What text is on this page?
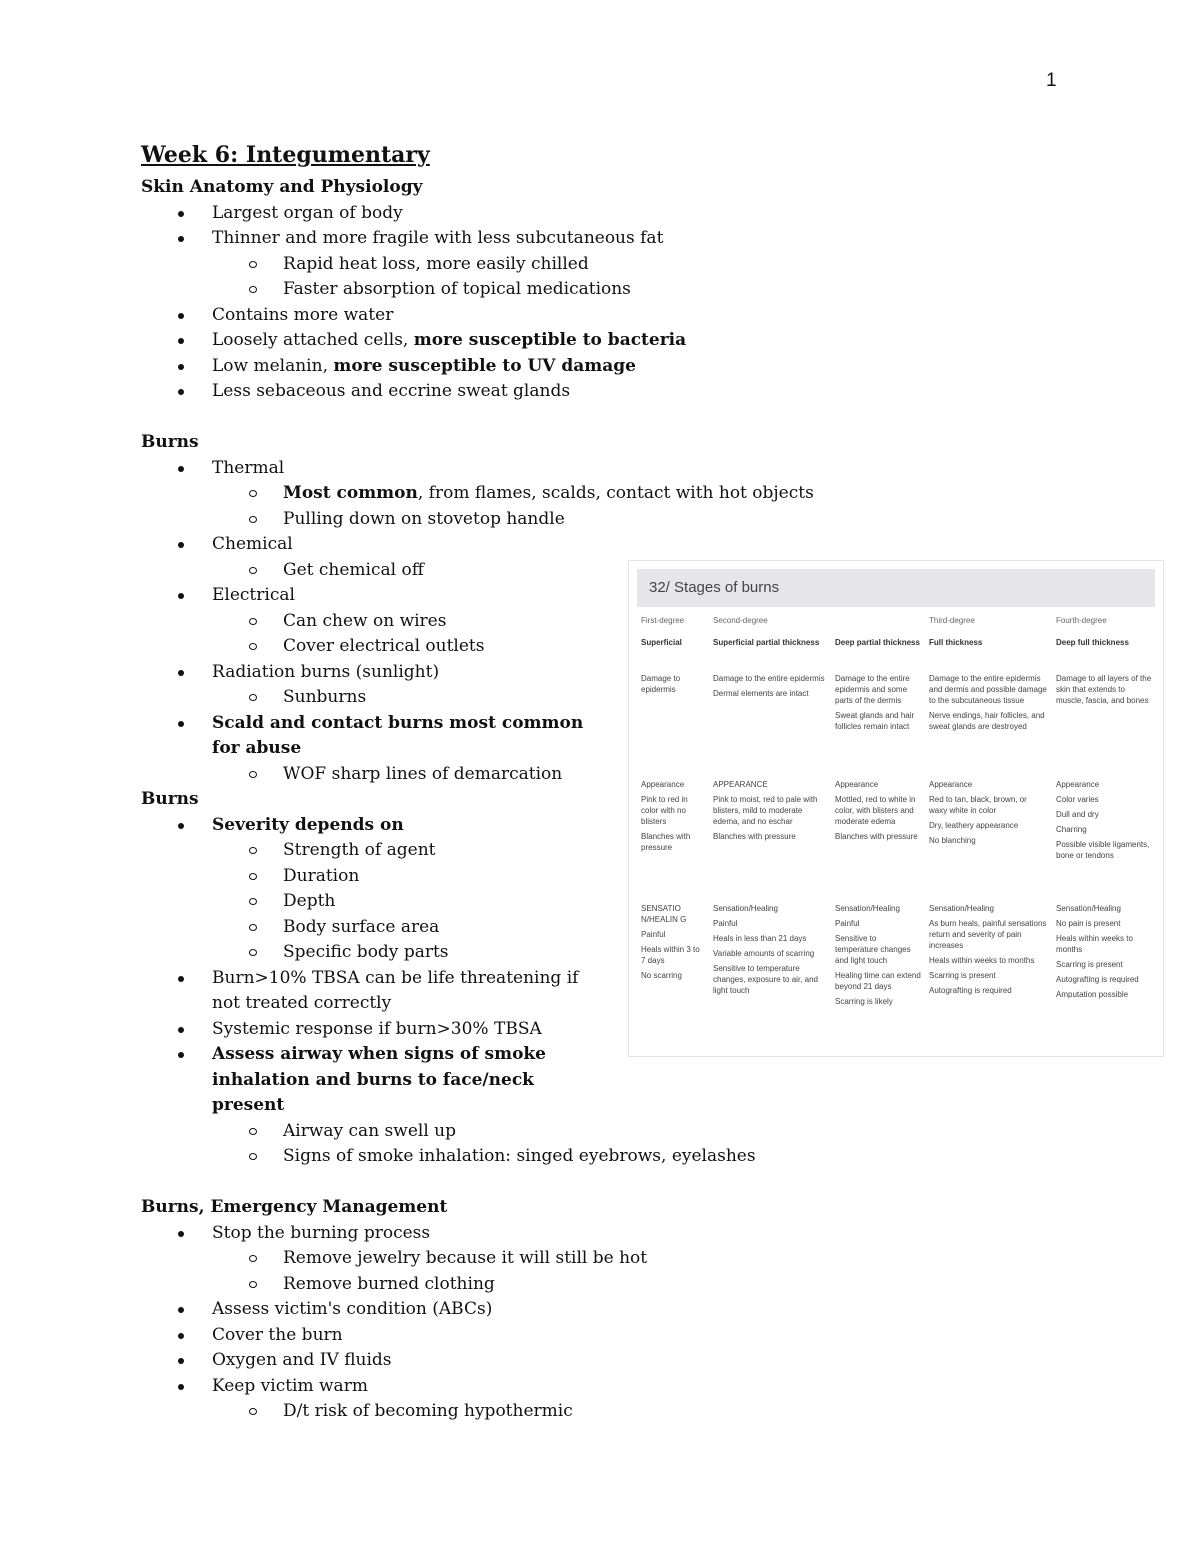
1
Week 6: Integumentary
Skin Anatomy and Physiology
Largest organ of body
Thinner and more fragile with less subcutaneous fat
Rapid heat loss, more easily chilled
Faster absorption of topical medications
Contains more water
Loosely attached cells, more susceptible to bacteria
Low melanin, more susceptible to UV damage
Less sebaceous and eccrine sweat glands
Burns
Thermal
Most common, from flames, scalds, contact with hot objects
Pulling down on stovetop handle
Chemical
Get chemical off
Electrical
Can chew on wires
Cover electrical outlets
Radiation burns (sunlight)
Sunburns
Scald and contact burns most common for abuse
WOF sharp lines of demarcation
Burns
Severity depends on
Strength of agent
Duration
Depth
Body surface area
Specific body parts
Burn>10% TBSA can be life threatening if not treated correctly
Systemic response if burn>30% TBSA
Assess airway when signs of smoke inhalation and burns to face/neck present
Airway can swell up
Signs of smoke inhalation: singed eyebrows, eyelashes
Burns, Emergency Management
Stop the burning process
Remove jewelry because it will still be hot
Remove burned clothing
Assess victim's condition (ABCs)
Cover the burn
Oxygen and IV fluids
Keep victim warm
D/t risk of becoming hypothermic
32/ Stages of burns
First-degree
Superficial

Damage to epidermis

Appearance

Pink to red in color with no blisters

Blanches with pressure

SENSATIO N/HEALIN G

Painful

Heals within 3 to 7 days

No scarring

Second-degree
Superficial partial thickness

Damage to the entire epidermis

Dermal elements are intact

APPEARANCE

Pink to moist, red to pale with blisters, mild to moderate edema, and no eschar

Blanches with pressure

Sensation/Healing

Painful

Heals in less than 21 days

Variable amounts of scarring

Sensitive to temperature changes, exposure to air, and light touch

Deep partial thickness

Damage to the entire epidermis and some parts of the dermis

Sweat glands and hair follicles remain intact

Appearance

Mottled, red to white in color, with blisters and moderate edema

Blanches with pressure

Sensation/Healing

Painful

Sensitive to temperature changes and light touch

Healing time can extend beyond 21 days

Scarring is likely

Third-degree
Full thickness

Damage to the entire epidermis and dermis and possible damage to the subcutaneous tissue

Nerve endings, hair follicles, and sweat glands are destroyed

Appearance

Red to tan, black, brown, or waxy white in color

Dry, leathery appearance

No blanching

Sensation/Healing

As burn heals, painful sensations return and severity of pain increases

Heals within weeks to months

Scarring is present

Autografting is required

Fourth-degree
Deep full thickness

Damage to all layers of the skin that extends to muscle, fascia, and bones

Appearance

Color varies

Dull and dry

Charring

Possible visible ligaments, bone or tendons

Sensation/Healing

No pain is present

Heals within weeks to months

Scarring is present

Autografting is required

Amputation possible
